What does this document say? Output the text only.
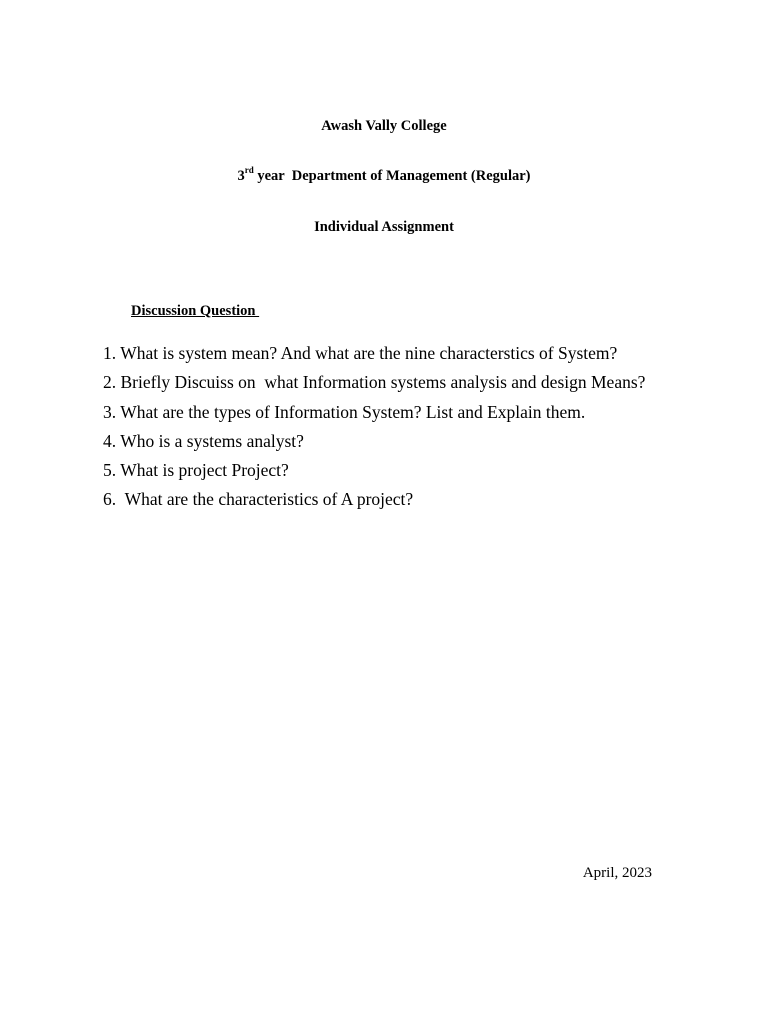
Awash Vally College
3rd year  Department of Management (Regular)
Individual Assignment
Discussion Question
1. What is system mean? And what are the nine characterstics of System?
2. Briefly Discuiss on  what Information systems analysis and design Means?
3. What are the types of Information System? List and Explain them.
4. Who is a systems analyst?
5. What is project Project?
6.  What are the characteristics of A project?
April, 2023
